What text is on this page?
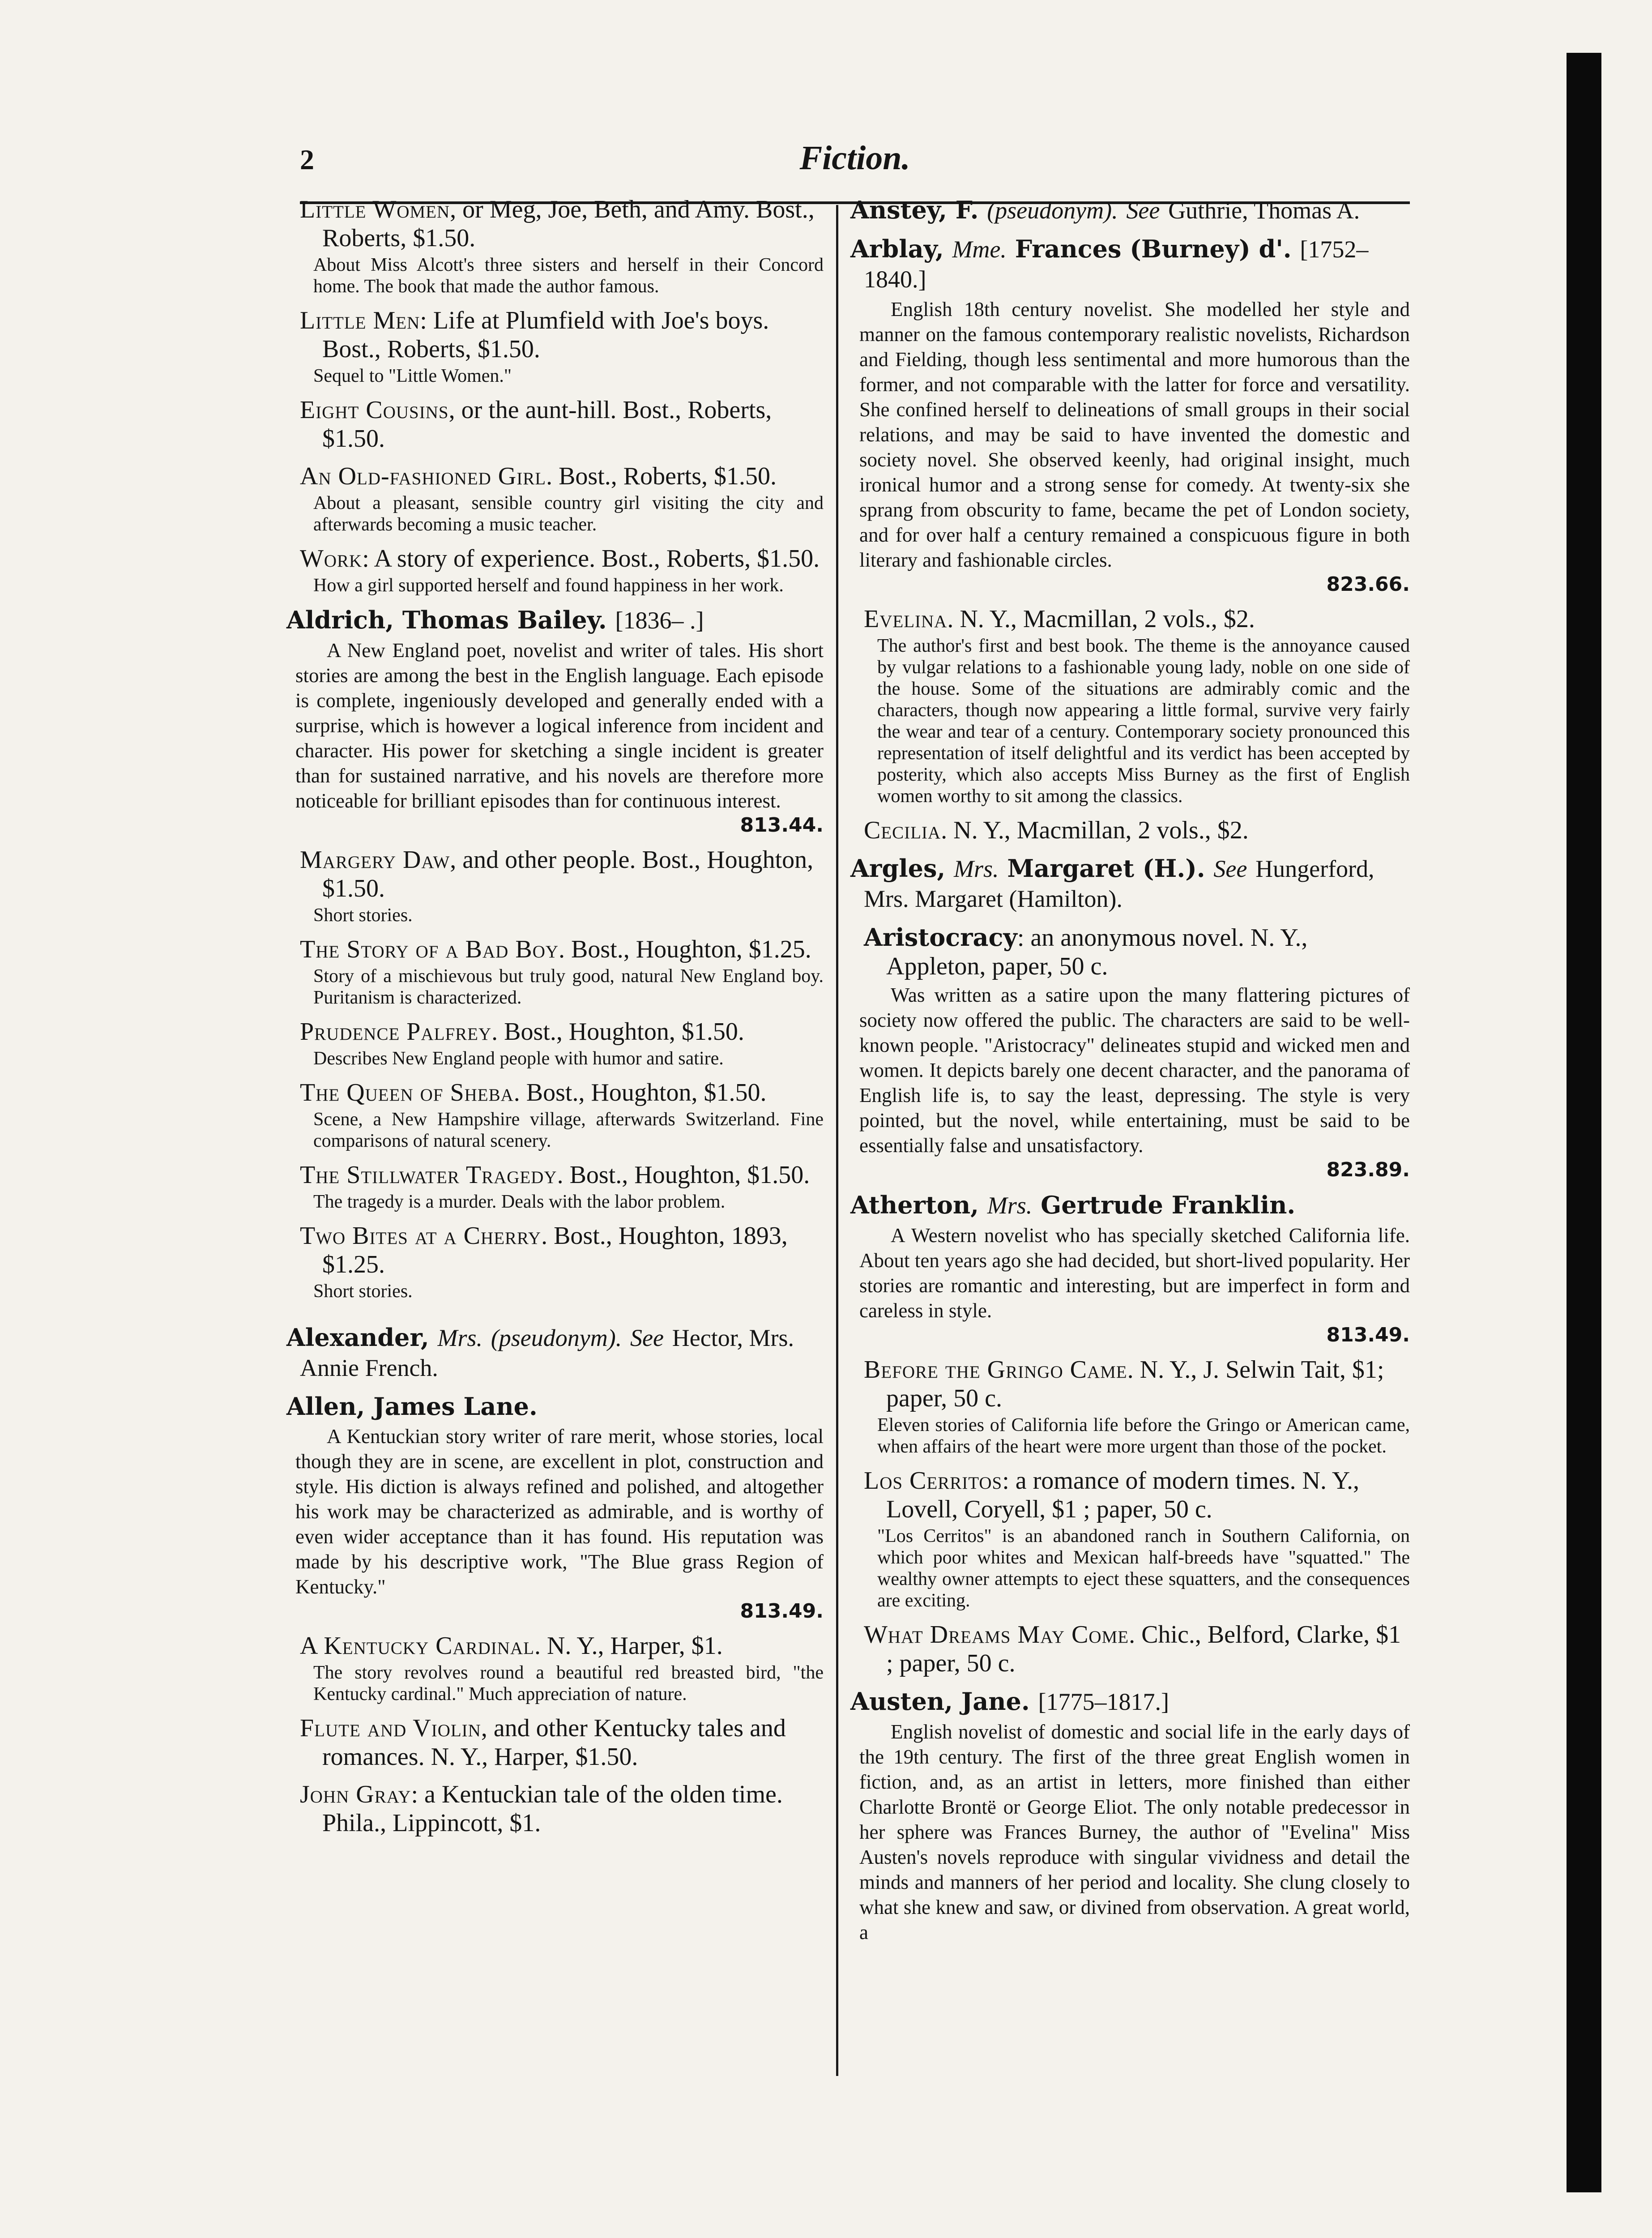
2	Fiction.
Little Women, or Meg, Joe, Beth, and Amy. Bost., Roberts, $1.50.
About Miss Alcott's three sisters and herself in their Concord home. The book that made the author famous.
Little Men: Life at Plumfield with Joe's boys. Bost., Roberts, $1.50.
Sequel to "Little Women."
Eight Cousins, or the aunt-hill. Bost., Roberts, $1.50.
An Old-fashioned Girl. Bost., Roberts, $1.50.
About a pleasant, sensible country girl visiting the city and afterwards becoming a music teacher.
Work: A story of experience. Bost., Roberts, $1.50.
How a girl supported herself and found happiness in her work.
Aldrich, Thomas Bailey. [1836– .]
A New England poet, novelist and writer of tales. His short stories are among the best in the English language. Each episode is complete, ingeniously developed and generally ended with a surprise, which is however a logical inference from incident and character. His power for sketching a single incident is greater than for sustained narrative, and his novels are therefore more noticeable for brilliant episodes than for continuous interest.
813.44.
Margery Daw, and other people. Bost., Houghton, $1.50.
Short stories.
The Story of a Bad Boy. Bost., Houghton, $1.25.
Story of a mischievous but truly good, natural New England boy. Puritanism is characterized.
Prudence Palfrey. Bost., Houghton, $1.50.
Describes New England people with humor and satire.
The Queen of Sheba. Bost., Houghton, $1.50.
Scene, a New Hampshire village, afterwards Switzerland. Fine comparisons of natural scenery.
The Stillwater Tragedy. Bost., Houghton, $1.50.
The tragedy is a murder. Deals with the labor problem.
Two Bites at a Cherry. Bost., Houghton, 1893, $1.25.
Short stories.
Alexander, Mrs. (pseudonym). See Hector, Mrs. Annie French.
Allen, James Lane.
A Kentuckian story writer of rare merit, whose stories, local though they are in scene, are excellent in plot, construction and style. His diction is always refined and polished, and altogether his work may be characterized as admirable, and is worthy of even wider acceptance than it has found. His reputation was made by his descriptive work, "The Blue grass Region of Kentucky."
813.49.
A Kentucky Cardinal. N. Y., Harper, $1.
The story revolves round a beautiful red breasted bird, "the Kentucky cardinal." Much appreciation of nature.
Flute and Violin, and other Kentucky tales and romances. N. Y., Harper, $1.50.
John Gray: a Kentuckian tale of the olden time. Phila., Lippincott, $1.
Anstey, F. (pseudonym). See Guthrie, Thomas A.
Arblay, Mme. Frances (Burney) d'. [1752–1840.]
English 18th century novelist. She modelled her style and manner on the famous contemporary realistic novelists, Richardson and Fielding, though less sentimental and more humorous than the former, and not comparable with the latter for force and versatility. She confined herself to delineations of small groups in their social relations, and may be said to have invented the domestic and society novel. She observed keenly, had original insight, much ironical humor and a strong sense for comedy. At twenty-six she sprang from obscurity to fame, became the pet of London society, and for over half a century remained a conspicuous figure in both literary and fashionable circles.
823.66.
Evelina. N. Y., Macmillan, 2 vols., $2.
The author's first and best book. The theme is the annoyance caused by vulgar relations to a fashionable young lady, noble on one side of the house. Some of the situations are admirably comic and the characters, though now appearing a little formal, survive very fairly the wear and tear of a century. Contemporary society pronounced this representation of itself delightful and its verdict has been accepted by posterity, which also accepts Miss Burney as the first of English women worthy to sit among the classics.
Cecilia. N. Y., Macmillan, 2 vols., $2.
Argles, Mrs. Margaret (H.). See Hungerford, Mrs. Margaret (Hamilton).
Aristocracy: an anonymous novel. N. Y., Appleton, paper, 50 c.
Was written as a satire upon the many flattering pictures of society now offered the public. The characters are said to be well-known people. "Aristocracy" delineates stupid and wicked men and women. It depicts barely one decent character, and the panorama of English life is, to say the least, depressing. The style is very pointed, but the novel, while entertaining, must be said to be essentially false and unsatisfactory.
823.89.
Atherton, Mrs. Gertrude Franklin.
A Western novelist who has specially sketched California life. About ten years ago she had decided, but short-lived popularity. Her stories are romantic and interesting, but are imperfect in form and careless in style.
813.49.
Before the Gringo Came. N. Y., J. Selwin Tait, $1; paper, 50 c.
Eleven stories of California life before the Gringo or American came, when affairs of the heart were more urgent than those of the pocket.
Los Cerritos: a romance of modern times. N. Y., Lovell, Coryell, $1 ; paper, 50 c.
"Los Cerritos" is an abandoned ranch in Southern California, on which poor whites and Mexican half-breeds have "squatted." The wealthy owner attempts to eject these squatters, and the consequences are exciting.
What Dreams May Come. Chic., Belford, Clarke, $1 ; paper, 50 c.
Austen, Jane. [1775–1817.]
English novelist of domestic and social life in the early days of the 19th century. The first of the three great English women in fiction, and, as an artist in letters, more finished than either Charlotte Brontë or George Eliot. The only notable predecessor in her sphere was Frances Burney, the author of "Evelina" Miss Austen's novels reproduce with singular vividness and detail the minds and manners of her period and locality. She clung closely to what she knew and saw, or divined from observation. A great world, a
